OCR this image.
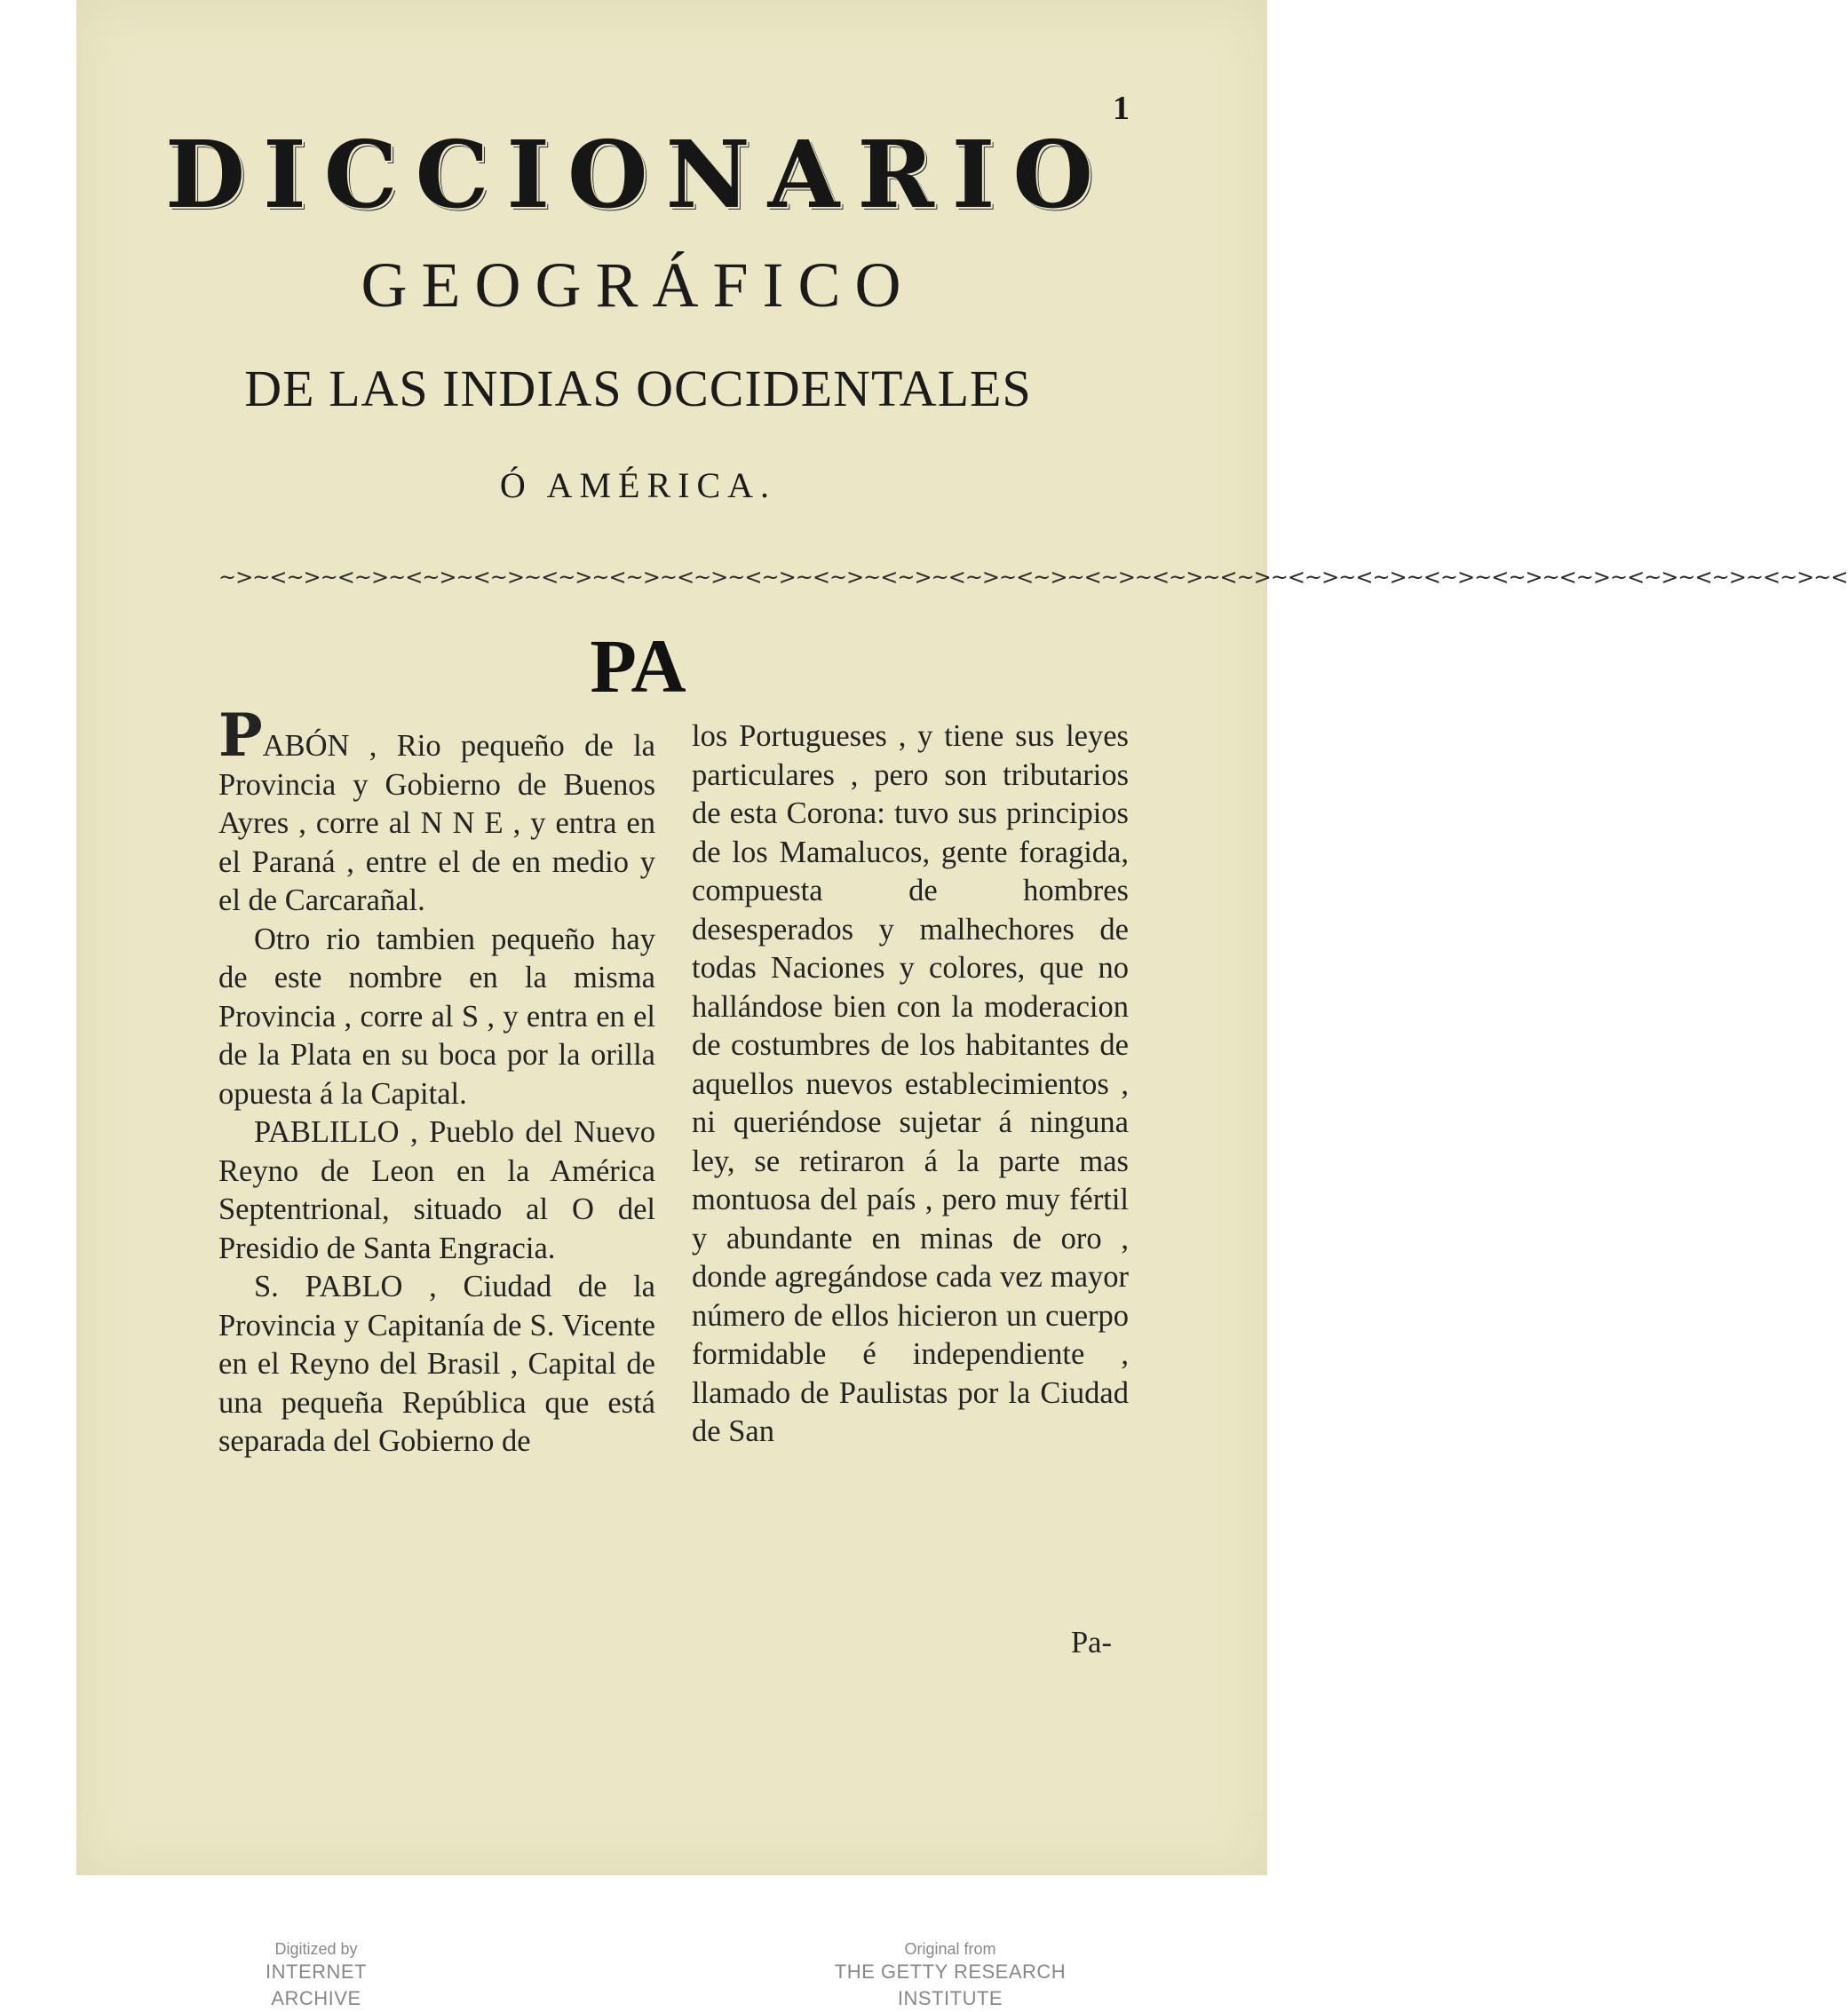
1
DICCIONARIO
GEOGRÁFICO
DE LAS INDIAS OCCIDENTALES
Ó AMÉRICA.
~>~<~>~<~>~<~>~<~>~<~>~<~>~<~>~<~>~<~>~<~>~<~>~<~>~<~>~<~>~<~>~<~>~<~>~<~>~<~>~<~>~<~>~<~>~<~>~<
PA

PABÓN , Rio pequeño de la Provincia y Gobierno de Buenos Ayres , corre al N N E , y entra en el Paraná , entre el de en medio y el de Carcarañal.

Otro rio tambien pequeño hay de este nombre en la misma Provincia , corre al S , y entra en el de la Plata en su boca por la orilla opuesta á la Capital.

PABLILLO , Pueblo del Nuevo Reyno de Leon en la América Septentrional, situado al O del Presidio de Santa Engracia.

S. PABLO , Ciudad de la Provincia y Capitanía de S. Vicente en el Reyno del Brasil , Capital de una pequeña República que está separada del Gobierno de

los Portugueses , y tiene sus leyes particulares , pero son tributarios de esta Corona: tuvo sus principios de los Mamalucos, gente foragida, compuesta de hombres desesperados y malhechores de todas Naciones y colores, que no hallándose bien con la moderacion de costumbres de los habitantes de aquellos nuevos establecimientos , ni queriéndose sujetar á ninguna ley, se retiraron á la parte mas montuosa del país , pero muy fértil y abundante en minas de oro , donde agregándose cada vez mayor número de ellos hicieron un cuerpo formidable é independiente , llamado de Paulistas por la Ciudad de San

Pa-
Digitized by
INTERNET ARCHIVE
Original from
THE GETTY RESEARCH INSTITUTE
